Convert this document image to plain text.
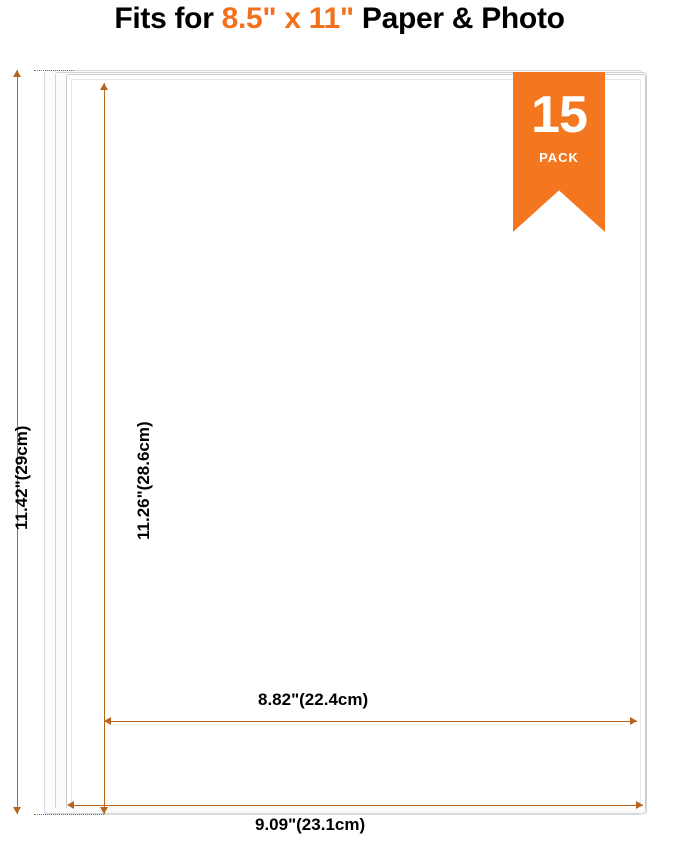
Fits for 8.5" x 11" Paper & Photo
15
PACK
11.42"(29cm)	11.26"(28.6cm)
8.82"(22.4cm)
9.09"(23.1cm)
